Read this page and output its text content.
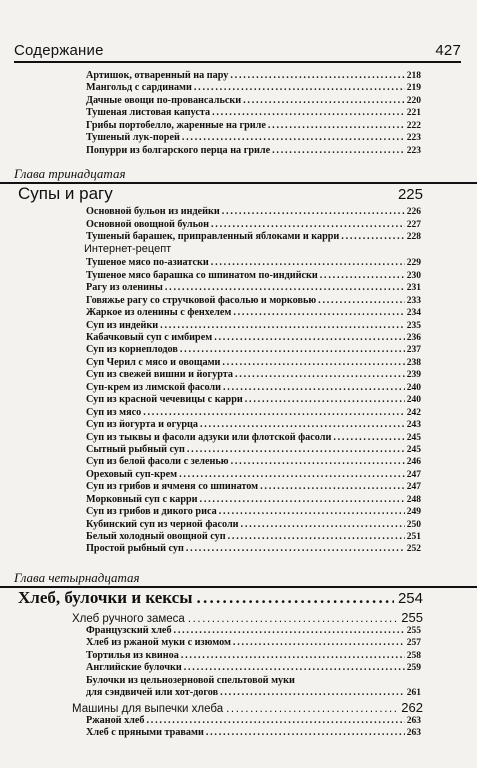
Содержание	427
Артишок, отваренный на пару . . .	218
Мангольд с сардинами . . .	219
Дачные овощи по-провансальски . . .	220
Тушеная листовая капуста . . .	221
Грибы портобелло, жаренные на гриле . . .	222
Тушеный лук-порей . . .	223
Попурри из болгарского перца на гриле . . .	223
Глава тринадцатая
Супы и рагу	225
Основной бульон из индейки . . .	226
Основной овощной бульон . . .	227
Тушеный барашек, приправленный яблоками и карри . . .	228
Интернет-рецепт
Тушеное мясо по-азиатски . . .	229
Тушеное мясо барашка со шпинатом по-индийски . . .	230
Рагу из оленины . . .	231
Говяжье рагу со стручковой фасолью и морковью . . .	233
Жаркое из оленины с фенхелем . . .	234
Суп из индейки . . .	235
Кабачковый суп с имбирем . . .	236
Суп из корнеплодов . . .	237
Суп Черил с мясо и овощами . . .	238
Суп из свежей вишни и йогурта . . .	239
Суп-крем из лимской фасоли . . .	240
Суп из красной чечевицы с карри . . .	240
Суп из мясо . . .	242
Суп из йогурта и огурца . . .	243
Суп из тыквы и фасоли адзуки или флотской фасоли . . .	245
Сытный рыбный суп . . .	245
Суп из белой фасоли с зеленью . . .	246
Ореховый суп-крем . . .	247
Суп из грибов и ячменя со шпинатом . . .	247
Морковный суп с карри . . .	248
Суп из грибов и дикого риса . . .	249
Кубинский суп из черной фасоли . . .	250
Белый холодный овощной суп . . .	251
Простой рыбный суп . . .	252
Глава четырнадцатая
Хлеб, булочки и кексы . . .	254
Хлеб ручного замеса . . .	255
Французский хлеб . . .	255
Хлеб из ржаной муки с изюмом . . .	257
Тортилья из квиноа . . .	258
Английские булочки . . .	259
Булочки из цельнозерновой спельтовой муки
для сэндвичей или хот-догов . . .	261
Машины для выпечки хлеба . . .	262
Ржаной хлеб . . .	263
Хлеб с пряными травами . . .	263
